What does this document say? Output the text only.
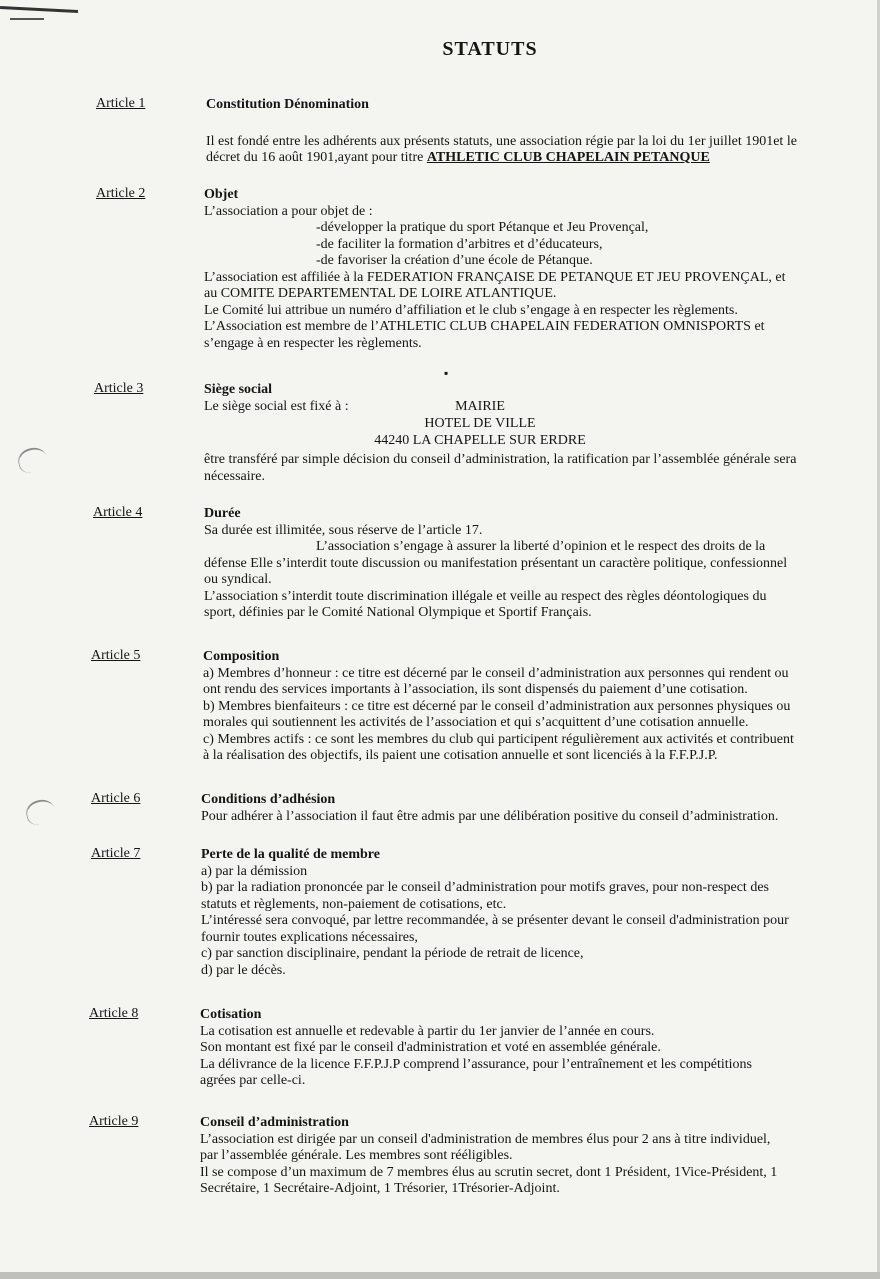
STATUTS
Article 1	Constitution Dénomination
Il est fondé entre les adhérents aux présents statuts, une association régie par la loi du 1er juillet 1901et le
décret du 16 août 1901,ayant pour titre ATHLETIC CLUB CHAPELAIN PETANQUE
Article 2	Objet
L’association a pour objet de :
-développer la pratique du sport Pétanque et Jeu Provençal,
-de faciliter la formation d’arbitres et d’éducateurs,
-de favoriser la création d’une école de Pétanque.
L’association est affiliée à la FEDERATION FRANÇAISE DE PETANQUE ET JEU PROVENÇAL, et
au COMITE DEPARTEMENTAL DE LOIRE ATLANTIQUE.
Le Comité lui attribue un numéro d’affiliation et le club s’engage à en respecter les règlements.
L’Association est membre de l’ATHLETIC CLUB CHAPELAIN FEDERATION OMNISPORTS et
s’engage à en respecter les règlements.
▪
Article 3	Siège social
Le siège social est fixé à :	MAIRIE
HOTEL DE VILLE
44240 LA CHAPELLE SUR ERDRE
être transféré par simple décision du conseil d’administration, la ratification par l’assemblée générale sera
nécessaire.
Article 4	Durée
Sa durée est illimitée, sous réserve de l’article 17.
L’association s’engage à assurer la liberté d’opinion et le respect des droits de la
défense Elle s’interdit toute discussion ou manifestation présentant un caractère politique, confessionnel
ou syndical.
L’association s’interdit toute discrimination illégale et veille au respect des règles déontologiques du
sport, définies par le Comité National Olympique et Sportif Français.
Article 5	Composition
a) Membres d’honneur : ce titre est décerné par le conseil d’administration aux personnes qui rendent ou
ont rendu des services importants à l’association, ils sont dispensés du paiement d’une cotisation.
b) Membres bienfaiteurs : ce titre est décerné par le conseil d’administration aux personnes physiques ou
morales qui soutiennent les activités de l’association et qui s’acquittent d’une cotisation annuelle.
c) Membres actifs : ce sont les membres du club qui participent régulièrement aux activités et contribuent
à la réalisation des objectifs, ils paient une cotisation annuelle et sont licenciés à la F.F.P.J.P.
Article 6	Conditions d’adhésion
Pour adhérer à l’association il faut être admis par une délibération positive du conseil d’administration.
Article 7	Perte de la qualité de membre
a) par la démission
b) par la radiation prononcée par le conseil d’administration pour motifs graves, pour non-respect des
statuts et règlements, non-paiement de cotisations, etc.
L’intéressé sera convoqué, par lettre recommandée, à se présenter devant le conseil d'administration pour
fournir toutes explications nécessaires,
c) par sanction disciplinaire, pendant la période de retrait de licence,
d) par le décès.
Article 8	Cotisation
La cotisation est annuelle et redevable à partir du 1er janvier de l’année en cours.
Son montant est fixé par le conseil d'administration et voté en assemblée générale.
La délivrance de la licence F.F.P.J.P comprend l’assurance, pour l’entraînement et les compétitions
agrées par celle-ci.
Article 9	Conseil d’administration
L’association est dirigée par un conseil d'administration de membres élus pour 2 ans à titre individuel,
par l’assemblée générale. Les membres sont rééligibles.
Il se compose d’un maximum de 7 membres élus au scrutin secret, dont 1 Président, 1Vice-Président, 1
Secrétaire, 1 Secrétaire-Adjoint, 1 Trésorier, 1Trésorier-Adjoint.
